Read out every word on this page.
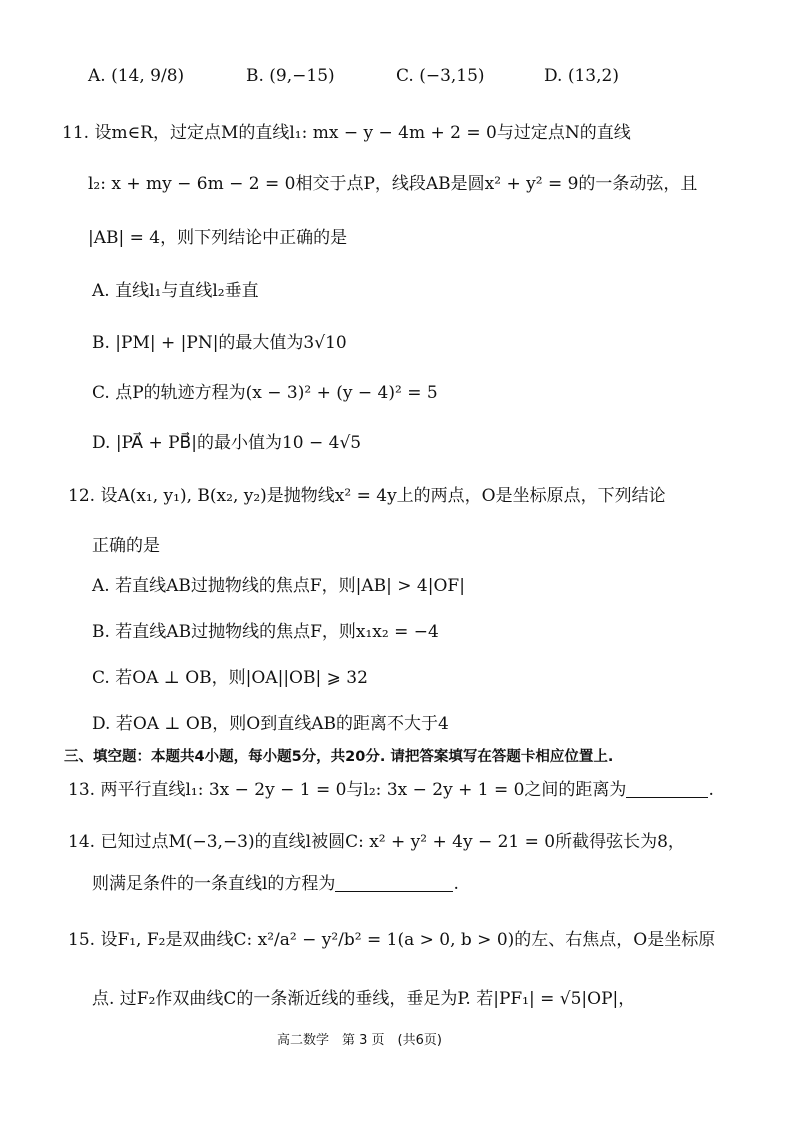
A. (14, 9/8)	B. (9,−15)	C. (−3,15)	D. (13,2)
11. 设m∈R，过定点M的直线l₁: mx − y − 4m + 2 = 0与过定点N的直线
l₂: x + my − 6m − 2 = 0相交于点P，线段AB是圆x² + y² = 9的一条动弦，且
|AB| = 4，则下列结论中正确的是
A. 直线l₁与直线l₂垂直
B. |PM| + |PN|的最大值为3√10
C. 点P的轨迹方程为(x − 3)² + (y − 4)² = 5
D. |PA⃗ + PB⃗|的最小值为10 − 4√5
12. 设A(x₁, y₁), B(x₂, y₂)是抛物线x² = 4y上的两点，O是坐标原点，下列结论
正确的是
A. 若直线AB过抛物线的焦点F，则|AB| > 4|OF|
B. 若直线AB过抛物线的焦点F，则x₁x₂ = −4
C. 若OA ⊥ OB，则|OA||OB| ⩾ 32
D. 若OA ⊥ OB，则O到直线AB的距离不大于4
三、填空题：本题共4小题，每小题5分，共20分. 请把答案填写在答题卡相应位置上.
13. 两平行直线l₁: 3x − 2y − 1 = 0与l₂: 3x − 2y + 1 = 0之间的距离为	.
14. 已知过点M(−3,−3)的直线l被圆C: x² + y² + 4y − 21 = 0所截得弦长为8，
则满足条件的一条直线l的方程为	.
15. 设F₁, F₂是双曲线C: x²/a² − y²/b² = 1(a > 0, b > 0)的左、右焦点，O是坐标原
点. 过F₂作双曲线C的一条渐近线的垂线，垂足为P. 若|PF₁| = √5|OP|，
高二数学　第 3 页　(共6页)
